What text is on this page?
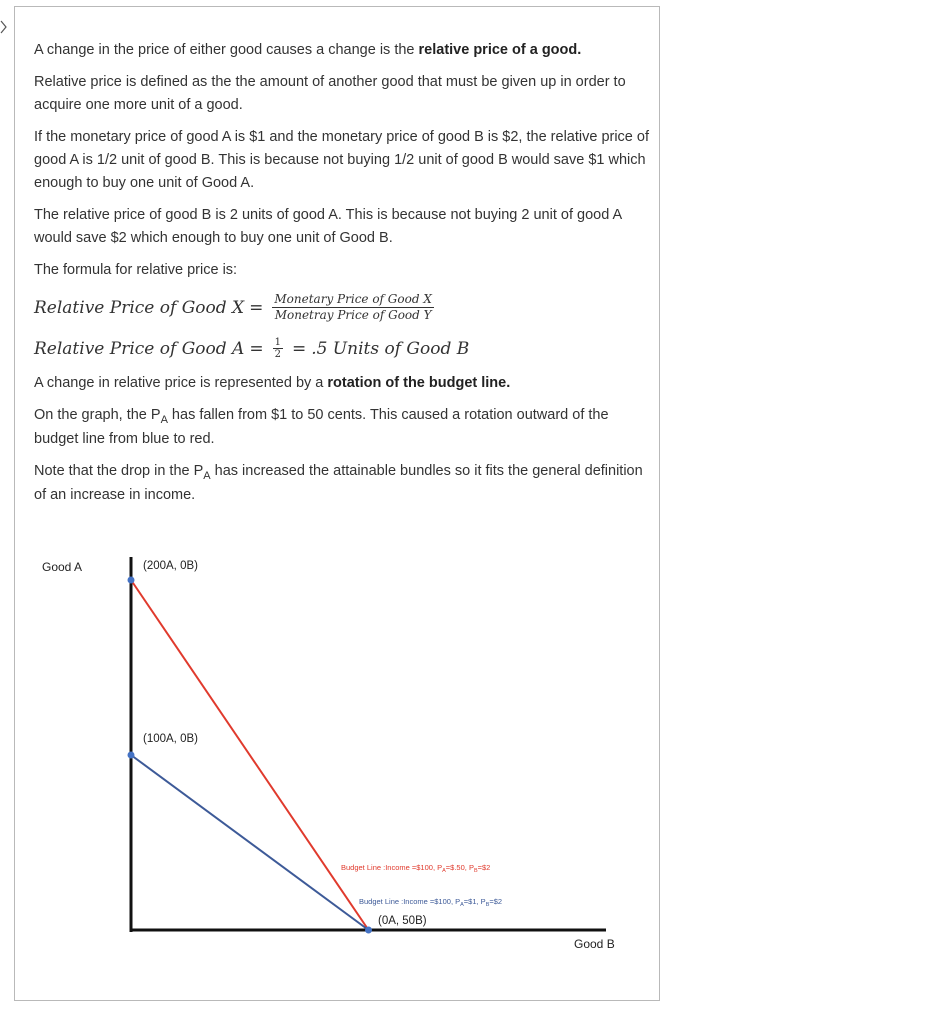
A change in the price of either good causes a change is the relative price of a good.

Relative price is defined as the the amount of another good that must be given up in order to acquire one more unit of a good.

If the monetary price of good A is $1 and the monetary price of good B is $2, the relative price of good A is 1/2 unit of good B. This is because not buying 1/2 unit of good B would save $1 which enough to buy one unit of Good A.

The relative price of good B is 2 units of good A. This is because not buying 2 unit of good A would save $2 which enough to buy one unit of Good B.

The formula for relative price is:

Relative Price of Good $X = \frac{\text{Monetary Price of Good X}}{\text{Monetray Price of Good Y}}$
Relative Price of Good $A = \frac{1}{2} = .5$ Units of Good B

A change in relative price is represented by a rotation of the budget line.

On the graph, the $P_A$ has fallen from $1 to 50 cents. This caused a rotation outward of the budget line from blue to red.

Note that the drop in the $P_A$ has increased the attainable bundles so it fits the general definition of an increase in income.

Good A
Good B
(200A, 0B)
(100A, 0B)
(0A, 50B)
Budget Line :Income =$100, $P_A=\$.50$, $P_B=\$2$
Budget Line :Income =$100, $P_A=\$1$, $P_B=\$2$
